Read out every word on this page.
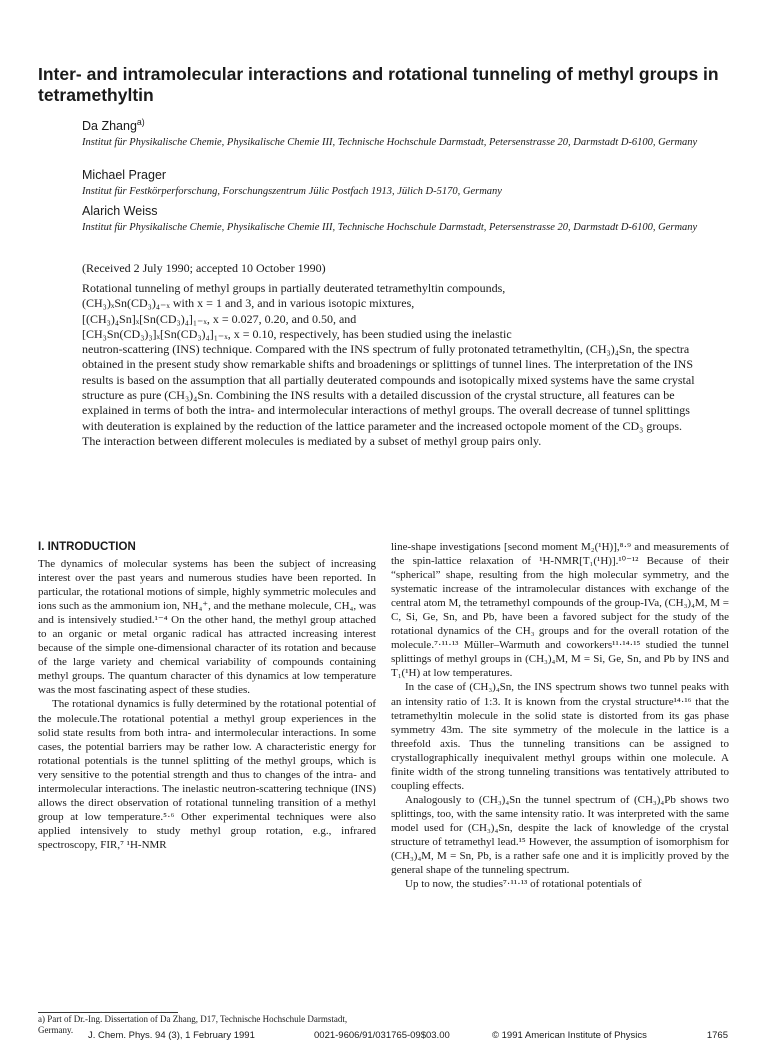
Inter- and intramolecular interactions and rotational tunneling of methyl groups in tetramethyltin
Da Zhang$^{a)}$
Institut für Physikalische Chemie, Physikalische Chemie III, Technische Hochschule Darmstadt, Petersenstrasse 20, Darmstadt D-6100, Germany
Michael Prager
Institut für Festkörperforschung, Forschungszentrum Jülic Postfach 1913, Jülich D-5170, Germany
Alarich Weiss
Institut für Physikalische Chemie, Physikalische Chemie III, Technische Hochschule Darmstadt, Petersenstrasse 20, Darmstadt D-6100, Germany
(Received 2 July 1990; accepted 10 October 1990)

Rotational tunneling of methyl groups in partially deuterated tetramethyltin compounds,

(CH₃)ₓSn(CD₃)₄₋ₓ with x = 1 and 3, and in various isotopic mixtures,

[(CH₃)₄Sn]ₓ[Sn(CD₃)₄]₁₋ₓ, x = 0.027, 0.20, and 0.50, and

[CH₃Sn(CD₃)₃]ₓ[Sn(CD₃)₄]₁₋ₓ, x = 0.10, respectively, has been studied using the inelastic

neutron-scattering (INS) technique. Compared with the INS spectrum of fully protonated tetramethyltin, (CH₃)₄Sn, the spectra obtained in the present study show remarkable shifts and broadenings or splittings of tunnel lines. The interpretation of the INS results is based on the assumption that all partially deuterated compounds and isotopically mixed systems have the same crystal structure as pure (CH₃)₄Sn. Combining the INS results with a detailed discussion of the crystal structure, all features can be explained in terms of both the intra- and intermolecular interactions of methyl groups. The overall decrease of tunnel splittings with deuteration is explained by the reduction of the lattice parameter and the increased octopole moment of the CD₃ groups. The interaction between different molecules is mediated by a subset of methyl group pairs only.

I. INTRODUCTION

The dynamics of molecular systems has been the subject of increasing interest over the past years and numerous studies have been reported. In particular, the rotational motions of simple, highly symmetric molecules and ions such as the ammonium ion, NH₄⁺, and the methane molecule, CH₄, was and is intensively studied.¹⁻⁴ On the other hand, the methyl group attached to an organic or metal organic radical has attracted increasing interest because of the simple one-dimensional character of its rotation and because of the large variety and chemical variability of compounds containing methyl groups. The quantum character of this dynamics at low temperature was the most fascinating aspect of these studies.

The rotational dynamics is fully determined by the rotational potential of the molecule.The rotational potential a methyl group experiences in the solid state results from both intra- and intermolecular interactions. In some cases, the potential barriers may be rather low. A characteristic energy for rotational potentials is the tunnel splitting of the methyl groups, which is very sensitive to the potential strength and thus to changes of the intra- and intermolecular interactions. The inelastic neutron-scattering technique (INS) allows the direct observation of rotational tunneling transition of a methyl group at low temperature.⁵·⁶ Other experimental techniques were also applied intensively to study methyl group rotation, e.g., infrared spectroscopy, FIR,⁷ ¹H-NMR

line-shape investigations [second moment M₂(¹H)],⁸·⁹ and measurements of the spin-lattice relaxation of ¹H-NMR[T₁(¹H)].¹⁰⁻¹² Because of their “spherical” shape, resulting from the high molecular symmetry, and the systematic increase of the intramolecular distances with exchange of the central atom M, the tetramethyl compounds of the group-IVa, (CH₃)₄M, M = C, Si, Ge, Sn, and Pb, have been a favored subject for the study of the rotational dynamics of the CH₃ groups and for the overall rotation of the molecule.⁷·¹¹·¹³ Müller–Warmuth and coworkers¹¹·¹⁴·¹⁵ studied the tunnel splittings of methyl groups in (CH₃)₄M, M = Si, Ge, Sn, and Pb by INS and T₁(¹H) at low temperatures.

In the case of (CH₃)₄Sn, the INS spectrum shows two tunnel peaks with an intensity ratio of 1:3. It is known from the crystal structure¹⁴·¹⁶ that the tetramethyltin molecule in the solid state is distorted from its gas phase symmetry 43m. The site symmetry of the molecule in the lattice is a threefold axis. Thus the tunneling transitions can be assigned to crystallographically inequivalent methyl groups within one molecule. A finite width of the strong tunneling transitions was tentatively attributed to coupling effects.

Analogously to (CH₃)₄Sn the tunnel spectrum of (CH₃)₄Pb shows two splittings, too, with the same intensity ratio. It was interpreted with the same model used for (CH₃)₄Sn, despite the lack of knowledge of the crystal structure of tetramethyl lead.¹⁵ However, the assumption of isomorphism for (CH₃)₄M, M = Sn, Pb, is a rather safe one and it is implicitly proved by the general shape of the tunneling spectrum.

Up to now, the studies⁷·¹¹·¹³ of rotational potentials of

a) Part of Dr.-Ing. Dissertation of Da Zhang, D17, Technische Hochschule Darmstadt, Germany.	J. Chem. Phys. 94 (3), 1 February 1991	0021-9606/91/031765-09$03.00	© 1991 American Institute of Physics	1765
